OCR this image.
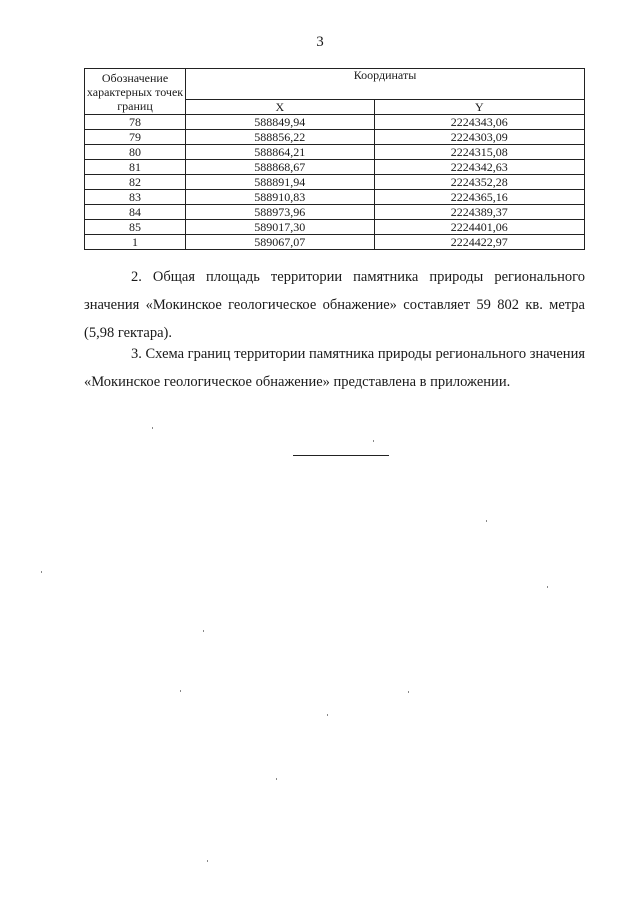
3
Обозначение характерных точек границ	Координаты	
	X	Y
78	588849,94	2224343,06
79	588856,22	2224303,09
80	588864,21	2224315,08
81	588868,67	2224342,63
82	588891,94	2224352,28
83	588910,83	2224365,16
84	588973,96	2224389,37
85	589017,30	2224401,06
1	589067,07	2224422,97

2. Общая площадь территории памятника природы регионального значения «Мокинское геологическое обнажение» составляет 59 802 кв. метра (5,98 гектара).

3. Схема границ территории памятника природы регионального значения «Мокинское геологическое обнажение» представлена в приложении.
